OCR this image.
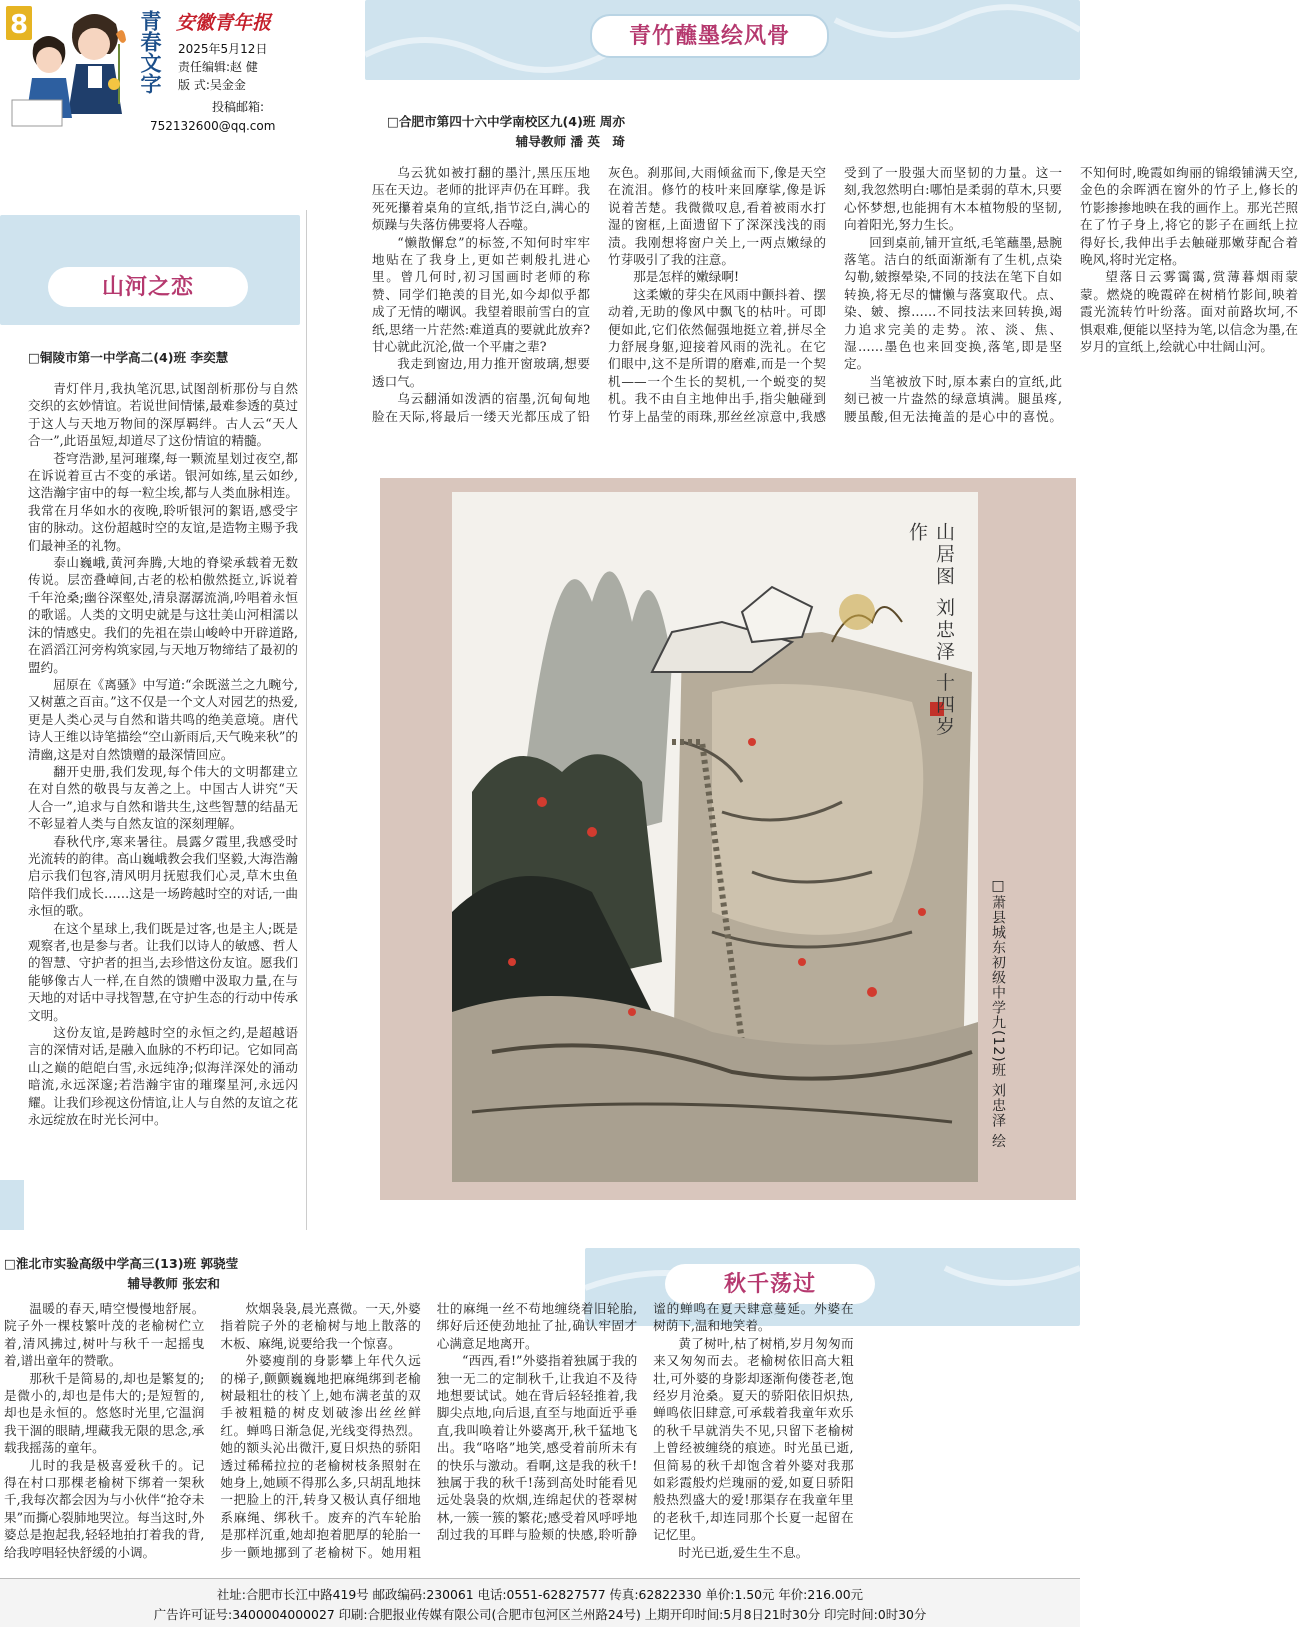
8	青春文字 安徽青年报
2025年5月12日
责任编辑:赵 健
版 式:吴金金
投稿邮箱:
752132600@qq.com
青竹蘸墨绘风骨
山河之恋
□铜陵市第一中学高二(4)班 李奕慧

青灯伴月,我执笔沉思,试图剖析那份与自然交织的玄妙情谊。若说世间情愫,最难参透的莫过于这人与天地万物间的深厚羁绊。古人云“天人合一”,此语虽短,却道尽了这份情谊的精髓。

苍穹浩渺,星河璀璨,每一颗流星划过夜空,都在诉说着亘古不变的承诺。银河如练,星云如纱,这浩瀚宇宙中的每一粒尘埃,都与人类血脉相连。我常在月华如水的夜晚,聆听银河的絮语,感受宇宙的脉动。这份超越时空的友谊,是造物主赐予我们最神圣的礼物。

泰山巍峨,黄河奔腾,大地的脊梁承载着无数传说。层峦叠嶂间,古老的松柏傲然挺立,诉说着千年沧桑;幽谷深壑处,清泉潺潺流淌,吟唱着永恒的歌谣。人类的文明史就是与这壮美山河相濡以沫的情感史。我们的先祖在崇山峻岭中开辟道路,在滔滔江河旁构筑家园,与天地万物缔结了最初的盟约。

屈原在《离骚》中写道:“余既滋兰之九畹兮,又树蕙之百亩。”这不仅是一个文人对园艺的热爱,更是人类心灵与自然和谐共鸣的绝美意境。唐代诗人王维以诗笔描绘“空山新雨后,天气晚来秋”的清幽,这是对自然馈赠的最深情回应。

翻开史册,我们发现,每个伟大的文明都建立在对自然的敬畏与友善之上。中国古人讲究“天人合一”,追求与自然和谐共生,这些智慧的结晶无不彰显着人类与自然友谊的深刻理解。

春秋代序,寒来暑往。晨露夕霞里,我感受时光流转的韵律。高山巍峨教会我们坚毅,大海浩瀚启示我们包容,清风明月抚慰我们心灵,草木虫鱼陪伴我们成长……这是一场跨越时空的对话,一曲永恒的歌。

在这个星球上,我们既是过客,也是主人;既是观察者,也是参与者。让我们以诗人的敏感、哲人的智慧、守护者的担当,去珍惜这份友谊。愿我们能够像古人一样,在自然的馈赠中汲取力量,在与天地的对话中寻找智慧,在守护生态的行动中传承文明。

这份友谊,是跨越时空的永恒之约,是超越语言的深情对话,是融入血脉的不朽印记。它如同高山之巅的皑皑白雪,永远纯净;似海洋深处的涌动暗流,永远深邃;若浩瀚宇宙的璀璨星河,永远闪耀。让我们珍视这份情谊,让人与自然的友谊之花永远绽放在时光长河中。

□合肥市第四十六中学南校区九(4)班 周亦琦
辅导教师 潘 英

乌云犹如被打翻的墨汁,黑压压地压在天边。老师的批评声仍在耳畔。我死死攥着桌角的宣纸,指节泛白,满心的烦躁与失落仿佛要将人吞噬。

“懒散懈怠”的标签,不知何时牢牢地贴在了我身上,更如芒刺般扎进心里。曾几何时,初习国画时老师的称赞、同学们艳羡的目光,如今却似乎都成了无情的嘲讽。我望着眼前雪白的宣纸,思绪一片茫然:难道真的要就此放弃?甘心就此沉沦,做一个平庸之辈?

我走到窗边,用力推开窗玻璃,想要透口气。

乌云翻涌如泼洒的宿墨,沉甸甸地脸在天际,将最后一缕天光都压成了铅灰色。刹那间,大雨倾盆而下,像是天空在流泪。修竹的枝叶来回摩挲,像是诉说着苦楚。我微微叹息,看着被雨水打湿的窗框,上面遗留下了深深浅浅的雨渍。我刚想将窗户关上,一两点嫩绿的竹芽吸引了我的注意。

那是怎样的嫩绿啊!

这柔嫩的芽尖在风雨中颤抖着、摆动着,无助的像风中飘飞的枯叶。可即便如此,它们依然倔强地挺立着,拼尽全力舒展身躯,迎接着风雨的洗礼。在它们眼中,这不是所谓的磨难,而是一个契机——一个生长的契机,一个蜕变的契机。我不由自主地伸出手,指尖触碰到竹芽上晶莹的雨珠,那丝丝凉意中,我感受到了一股强大而坚韧的力量。这一刻,我忽然明白:哪怕是柔弱的草木,只要心怀梦想,也能拥有木本植物般的坚韧,向着阳光,努力生长。

回到桌前,铺开宣纸,毛笔蘸墨,悬腕落笔。洁白的纸面渐渐有了生机,点染勾勒,皴擦晕染,不同的技法在笔下自如转换,将无尽的慵懒与落寞取代。点、染、皴、擦……不同技法来回转换,竭力追求完美的走势。浓、淡、焦、湿……墨色也来回变换,落笔,即是坚定。

当笔被放下时,原本素白的宣纸,此刻已被一片盎然的绿意填满。腿虽疼,腰虽酸,但无法掩盖的是心中的喜悦。不知何时,晚霞如绚丽的锦缎铺满天空,金色的余晖洒在窗外的竹子上,修长的竹影掺掺地映在我的画作上。那光芒照在了竹子身上,将它的影子在画纸上拉得好长,我伸出手去触碰那嫩芽配合着晚风,将时光定格。

望落日云雾霭霭,赏薄暮烟雨蒙蒙。燃烧的晚霞碎在树梢竹影间,映着霞光流转竹叶纷落。面对前路坎坷,不惧艰难,便能以坚持为笔,以信念为墨,在岁月的宣纸上,绘就心中壮阔山河。

山居图 刘忠泽 十四岁作
□萧县城东初级中学九(12)班 刘忠泽 绘
秋千荡过
□淮北市实验高级中学高三(13)班 郭骁莹
辅导教师 张宏和

温暖的春天,晴空慢慢地舒展。院子外一棵枝繁叶茂的老榆树伫立着,清风拂过,树叶与秋千一起摇曳着,谱出童年的赞歌。

那秋千是简易的,却也是繁复的;是微小的,却也是伟大的;是短暂的,却也是永恒的。悠悠时光里,它温润我干涸的眼睛,埋藏我无限的思念,承载我摇荡的童年。

儿时的我是极喜爱秋千的。记得在村口那棵老榆树下绑着一架秋千,我每次都会因为与小伙伴“抢夺未果”而撕心裂肺地哭泣。每当这时,外婆总是抱起我,轻轻地拍打着我的背,给我哼唱轻快舒缓的小调。

炊烟袅袅,晨光熹微。一天,外婆指着院子外的老榆树与地上散落的木板、麻绳,说要给我一个惊喜。

外婆瘦削的身影攀上年代久远的梯子,颤颤巍巍地把麻绳绑到老榆树最粗壮的枝丫上,她布满老茧的双手被粗糙的树皮划破渗出丝丝鲜红。蝉鸣日渐急促,光线变得热烈。她的额头沁出微汗,夏日炽热的骄阳透过稀稀拉拉的老榆树枝条照射在她身上,她顾不得那么多,只胡乱地抹一把脸上的汗,转身又极认真仔细地系麻绳、绑秋千。废弃的汽车轮胎是那样沉重,她却抱着肥厚的轮胎一步一颤地挪到了老榆树下。她用粗壮的麻绳一丝不苟地缠绕着旧轮胎,绑好后还使劲地扯了扯,确认牢固才心满意足地离开。

“西西,看!”外婆指着独属于我的独一无二的定制秋千,让我迫不及待地想要试试。她在背后轻轻推着,我脚尖点地,向后退,直至与地面近乎垂直,我叫唤着让外婆离开,秋千猛地飞出。我“咯咯”地笑,感受着前所未有的快乐与激动。看啊,这是我的秋千!独属于我的秋千!荡到高处时能看见远处袅袅的炊烟,连绵起伏的苍翠树林,一簇一簇的繁花;感受着风呼呼地刮过我的耳畔与脸颊的快感,聆听静谧的蝉鸣在夏天肆意蔓延。外婆在树荫下,温和地笑着。

黄了树叶,枯了树梢,岁月匆匆而来又匆匆而去。老榆树依旧高大粗壮,可外婆的身影却逐渐佝偻苍老,饱经岁月沧桑。夏天的骄阳依旧炽热,蝉鸣依旧肆意,可承载着我童年欢乐的秋千早就消失不见,只留下老榆树上曾经被缠绕的痕迹。时光虽已逝,但简易的秋千却饱含着外婆对我那如彩霞般灼烂瑰丽的爱,如夏日骄阳般热烈盛大的爱!那渠存在我童年里的老秋千,却连同那个长夏一起留在记忆里。

时光已逝,爱生生不息。

社址:合肥市长江中路419号 邮政编码:230061 电话:0551-62827577 传真:62822330 单价:1.50元 年价:216.00元
广告许可证号:3400004000027 印刷:合肥报业传媒有限公司(合肥市包河区兰州路24号) 上期开印时间:5月8日21时30分 印完时间:0时30分
